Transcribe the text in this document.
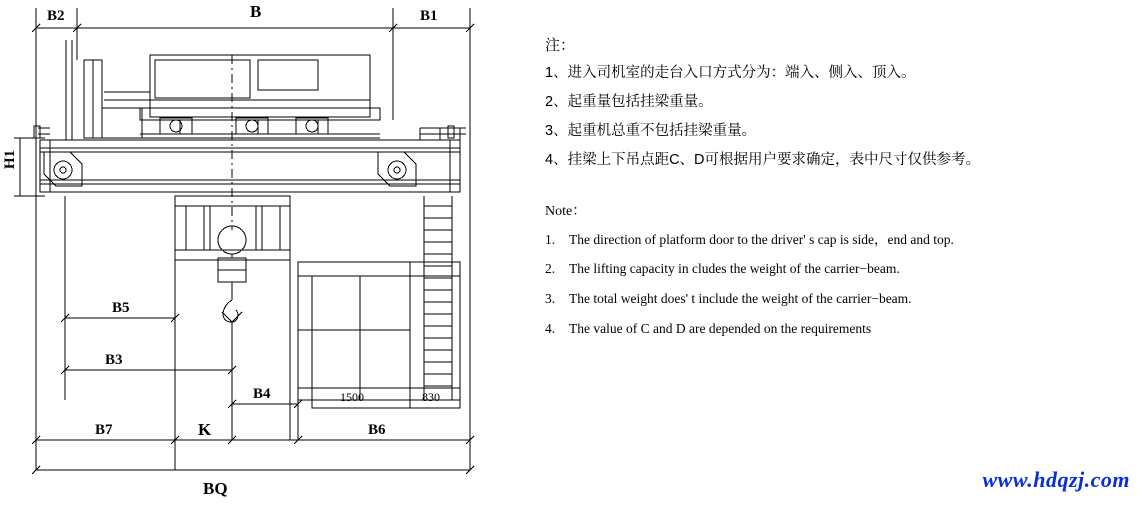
B2	B	B1
H1
B5
B3
B4	1500	830
B7	K	B6
BQ
注：
1、进入司机室的走台入口方式分为：端入、侧入、顶入。
2、起重量包括挂梁重量。
3、起重机总重不包括挂梁重量。
4、挂梁上下吊点距C、D可根据用户要求确定，表中尺寸仅供参考。
Note：
1.	The direction of platform door to the driver' s cap is side，end and top.
2.	The lifting capacity in cludes the weight of the carrier−beam.
3.	The total weight does' t include the weight of the carrier−beam.
4.	The value of C and D are depended on the requirements
www.hdqzj.com
